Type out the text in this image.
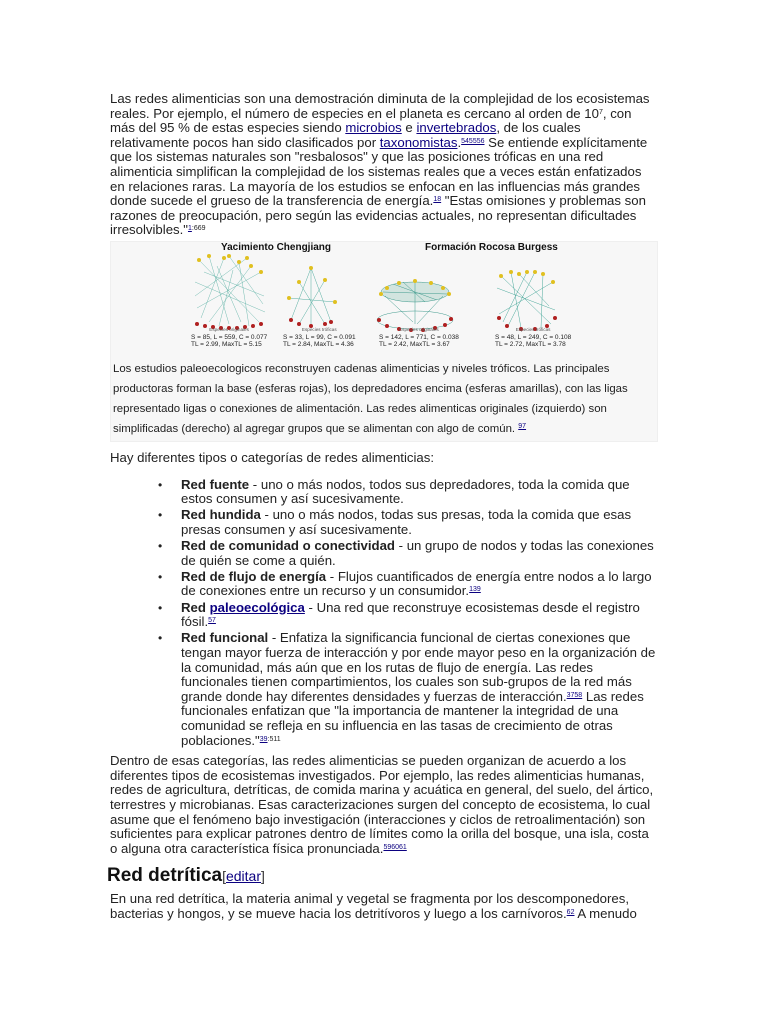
Las redes alimenticias son una demostración diminuta de la complejidad de los ecosistemas reales. Por ejemplo, el número de especies en el planeta es cercano al orden de $10^7$, con más del 95 % de estas especies siendo microbios e invertebrados, de los cuales relativamente pocos han sido clasificados por taxonomistas.$^{545556}$ Se entiende explícitamente que los sistemas naturales son "resbalosos" y que las posiciones tróficas en una red alimenticia simplifican la complejidad de los sistemas reales que a veces están enfatizados en relaciones raras. La mayoría de los estudios se enfocan en las influencias más grandes donde sucede el grueso de la transferencia de energía.$^{18}$ "Estas omisiones y problemas son razones de preocupación, pero según las evidencias actuales, no representan dificultades irresolvibles."$^{1:669}$

Yacimiento Chengjiang	Formación Rocosa Burgess
Especies originales
S = 85, L = 559, C = 0.077
TL = 2.99, MaxTL = 5.15
Especies tróficas
S = 33, L = 99, C = 0.091
TL = 2.84, MaxTL = 4.36
Especies originales
S = 142, L = 771, C = 0.038
TL = 2.42, MaxTL = 3.67
Especies tróficas
S = 48, L = 249, C = 0.108
TL = 2.72, MaxTL = 3.78
Los estudios paleoecologicos reconstruyen cadenas alimenticias y niveles tróficos. Las principales productoras forman la base (esferas rojas), los depredadores encima (esferas amarillas), con las ligas representado ligas o conexiones de alimentación. Las redes alimenticas originales (izquierdo) son simplificadas (derecho) al agregar grupos que se alimentan con algo de común. $^{97}$

Hay diferentes tipos o categorías de redes alimenticias:

• Red fuente - uno o más nodos, todos sus depredadores, toda la comida que estos consumen y así sucesivamente.
• Red hundida - uno o más nodos, todas sus presas, toda la comida que esas presas consumen y así sucesivamente.
• Red de comunidad o conectividad - un grupo de nodos y todas las conexiones de quién se come a quién.
• Red de flujo de energía - Flujos cuantificados de energía entre nodos a lo largo de conexiones entre un recurso y un consumidor.$^{139}$
• Red paleoecológica - Una red que reconstruye ecosistemas desde el registro fósil.$^{57}$
• Red funcional - Enfatiza la significancia funcional de ciertas conexiones que tengan mayor fuerza de interacción y por ende mayor peso en la organización de la comunidad, más aún que en los rutas de flujo de energía. Las redes funcionales tienen compartimientos, los cuales son sub-grupos de la red más grande donde hay diferentes densidades y fuerzas de interacción.$^{3758}$ Las redes funcionales enfatizan que "la importancia de mantener la integridad de una comunidad se refleja en su influencia en las tasas de crecimiento de otras poblaciones."$^{39:511}$

Dentro de esas categorías, las redes alimenticias se pueden organizan de acuerdo a los diferentes tipos de ecosistemas investigados. Por ejemplo, las redes alimenticias humanas, redes de agricultura, detríticas, de comida marina y acuática en general, del suelo, del ártico, terrestres y microbianas. Esas caracterizaciones surgen del concepto de ecosistema, lo cual asume que el fenómeno bajo investigación (interacciones y ciclos de retroalimentación) son suficientes para explicar patrones dentro de límites como la orilla del bosque, una isla, costa o alguna otra característica física pronunciada.$^{596061}$

Red detrítica[editar]

En una red detrítica, la materia animal y vegetal se fragmenta por los descomponedores, bacterias y hongos, y se mueve hacia los detritívoros y luego a los carnívoros.$^{62}$ A menudo
